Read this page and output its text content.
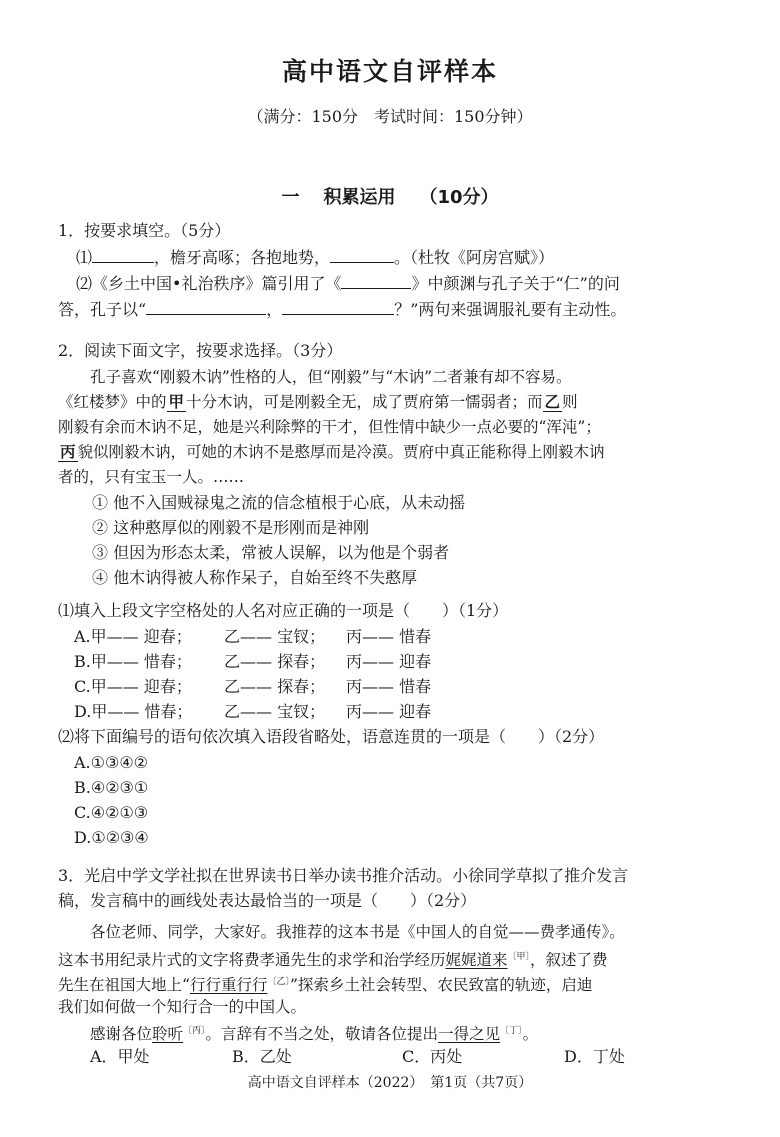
高中语文自评样本
（满分：150分　考试时间：150分钟）
一 积累运用 （10分）
1．按要求填空。（5分）
⑴	，檐牙高啄；各抱地势，	。（杜牧《阿房宫赋》）
⑵《乡土中国•礼治秩序》篇引用了《	》中颜渊与孔子关于“仁”的问
答，孔子以“	，	？”两句来强调服礼要有主动性。
2．阅读下面文字，按要求选择。（3分）
孔子喜欢“刚毅木讷”性格的人，但“刚毅”与“木讷”二者兼有却不容易。
《红楼梦》中的 甲 十分木讷，可是刚毅全无，成了贾府第一懦弱者；而 乙 则
刚毅有余而木讷不足，她是兴利除弊的干才，但性情中缺少一点必要的“浑沌”；
丙 貌似刚毅木讷，可她的木讷不是憨厚而是冷漠。贾府中真正能称得上刚毅木讷
者的，只有宝玉一人。……
① 他不入国贼禄鬼之流的信念植根于心底，从未动摇
② 这种憨厚似的刚毅不是形刚而是神刚
③ 但因为形态太柔，常被人误解，以为他是个弱者
④ 他木讷得被人称作呆子，自始至终不失憨厚
⑴填入上段文字空格处的人名对应正确的一项是（　　）（1分）
A.甲—— 迎春； 乙—— 宝钗； 丙—— 惜春
B.甲—— 惜春； 乙—— 探春； 丙—— 迎春
C.甲—— 迎春； 乙—— 探春； 丙—— 惜春
D.甲—— 惜春； 乙—— 宝钗； 丙—— 迎春
⑵将下面编号的语句依次填入语段省略处，语意连贯的一项是（　　）（2分）
A.①③④②
B.④②③①
C.④②①③
D.①②③④
3．光启中学文学社拟在世界读书日举办读书推介活动。小徐同学草拟了推介发言
稿，发言稿中的画线处表达最恰当的一项是（　　）（2分）
各位老师、同学，大家好。我推荐的这本书是《中国人的自觉——费孝通传》。
这本书用纪录片式的文字将费孝通先生的求学和治学经历娓娓道来$^{〔甲〕}$，叙述了费
先生在祖国大地上“行行重行行$^{〔乙〕}$”探索乡土社会转型、农民致富的轨迹，启迪
我们如何做一个知行合一的中国人。
感谢各位聆听$^{〔丙〕}$。言辞有不当之处，敬请各位提出一得之见$^{〔丁〕}$。
A．甲处	B．乙处	C．丙处	D．丁处
高中语文自评样本（2022）　第1页（共7页）
